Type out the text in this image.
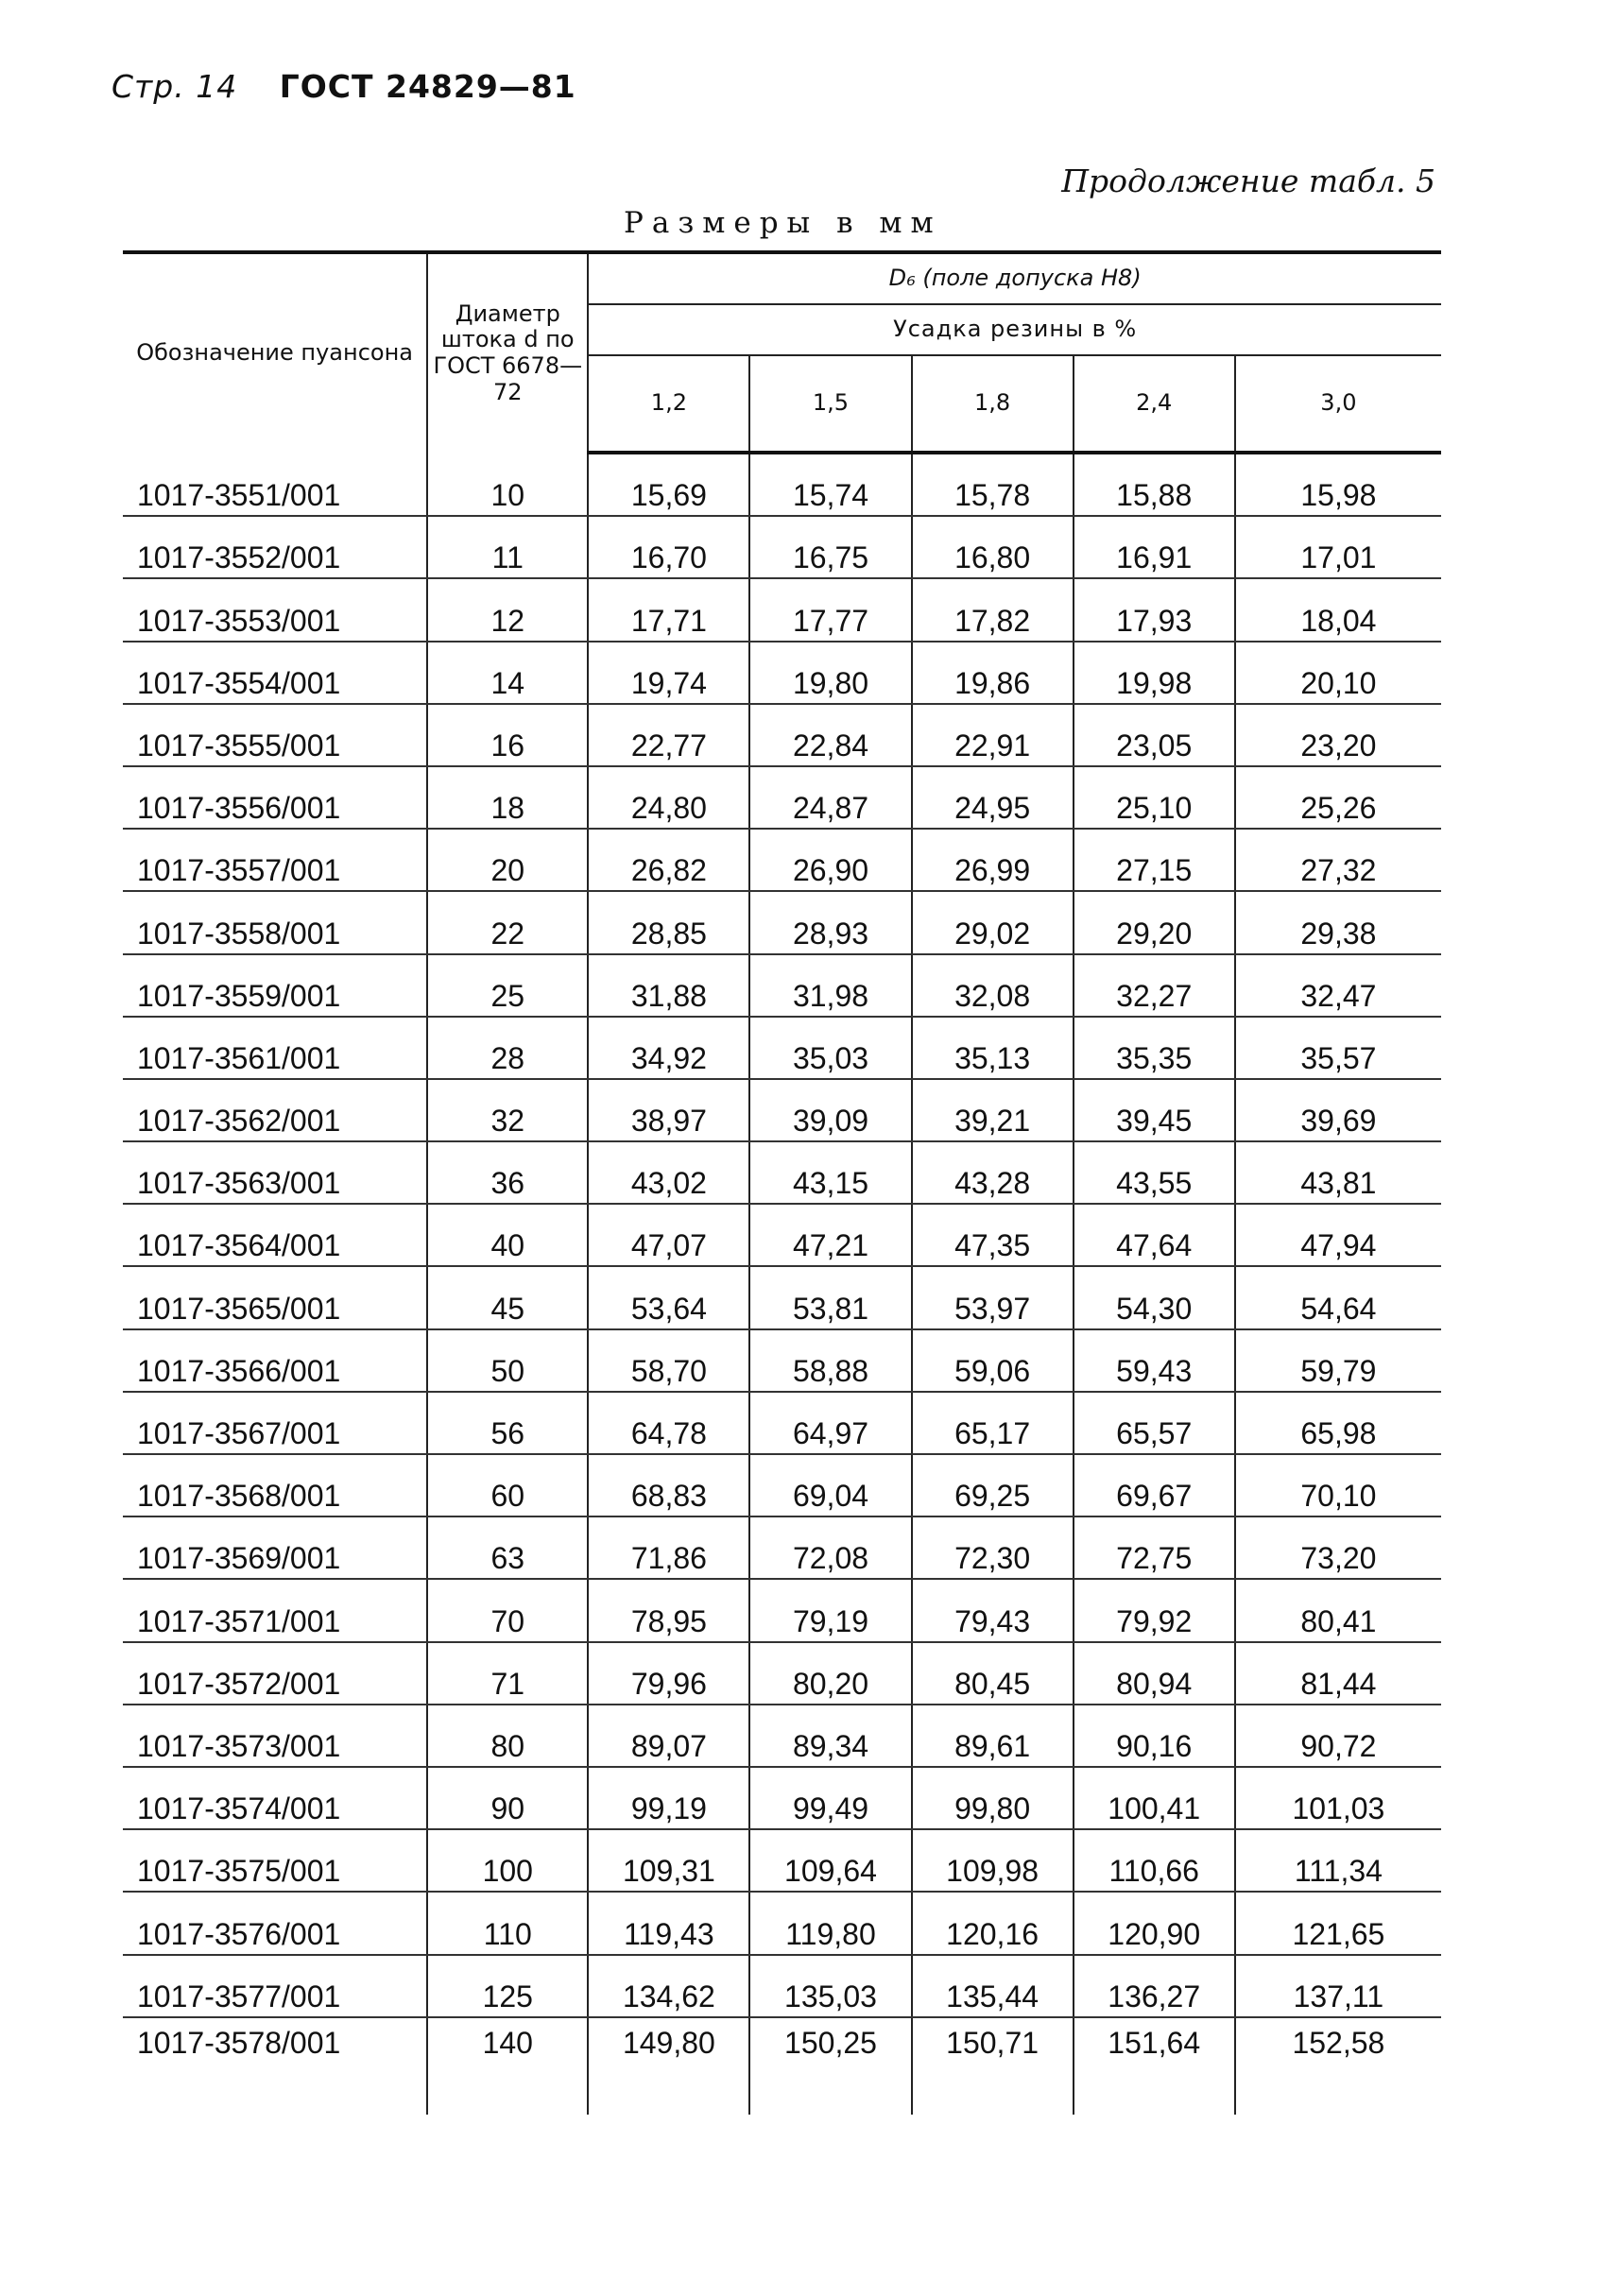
Стр. 14 ГОСТ 24829—81
Продолжение табл. 5
Размеры в мм
Обозначение пуансона	Диаметр штока d по ГОСТ 6678—72	D₆ (поле допуска H8)				
		Усадка резины в %				
		1,2	1,5	1,8	2,4	3,0
1017-3551/001	10	15,69	15,74	15,78	15,88	15,98
1017-3552/001	11	16,70	16,75	16,80	16,91	17,01
1017-3553/001	12	17,71	17,77	17,82	17,93	18,04
1017-3554/001	14	19,74	19,80	19,86	19,98	20,10
1017-3555/001	16	22,77	22,84	22,91	23,05	23,20
1017-3556/001	18	24,80	24,87	24,95	25,10	25,26
1017-3557/001	20	26,82	26,90	26,99	27,15	27,32
1017-3558/001	22	28,85	28,93	29,02	29,20	29,38
1017-3559/001	25	31,88	31,98	32,08	32,27	32,47
1017-3561/001	28	34,92	35,03	35,13	35,35	35,57
1017-3562/001	32	38,97	39,09	39,21	39,45	39,69
1017-3563/001	36	43,02	43,15	43,28	43,55	43,81
1017-3564/001	40	47,07	47,21	47,35	47,64	47,94
1017-3565/001	45	53,64	53,81	53,97	54,30	54,64
1017-3566/001	50	58,70	58,88	59,06	59,43	59,79
1017-3567/001	56	64,78	64,97	65,17	65,57	65,98
1017-3568/001	60	68,83	69,04	69,25	69,67	70,10
1017-3569/001	63	71,86	72,08	72,30	72,75	73,20
1017-3571/001	70	78,95	79,19	79,43	79,92	80,41
1017-3572/001	71	79,96	80,20	80,45	80,94	81,44
1017-3573/001	80	89,07	89,34	89,61	90,16	90,72
1017-3574/001	90	99,19	99,49	99,80	100,41	101,03
1017-3575/001	100	109,31	109,64	109,98	110,66	111,34
1017-3576/001	110	119,43	119,80	120,16	120,90	121,65
1017-3577/001	125	134,62	135,03	135,44	136,27	137,11
1017-3578/001	140	149,80	150,25	150,71	151,64	152,58
